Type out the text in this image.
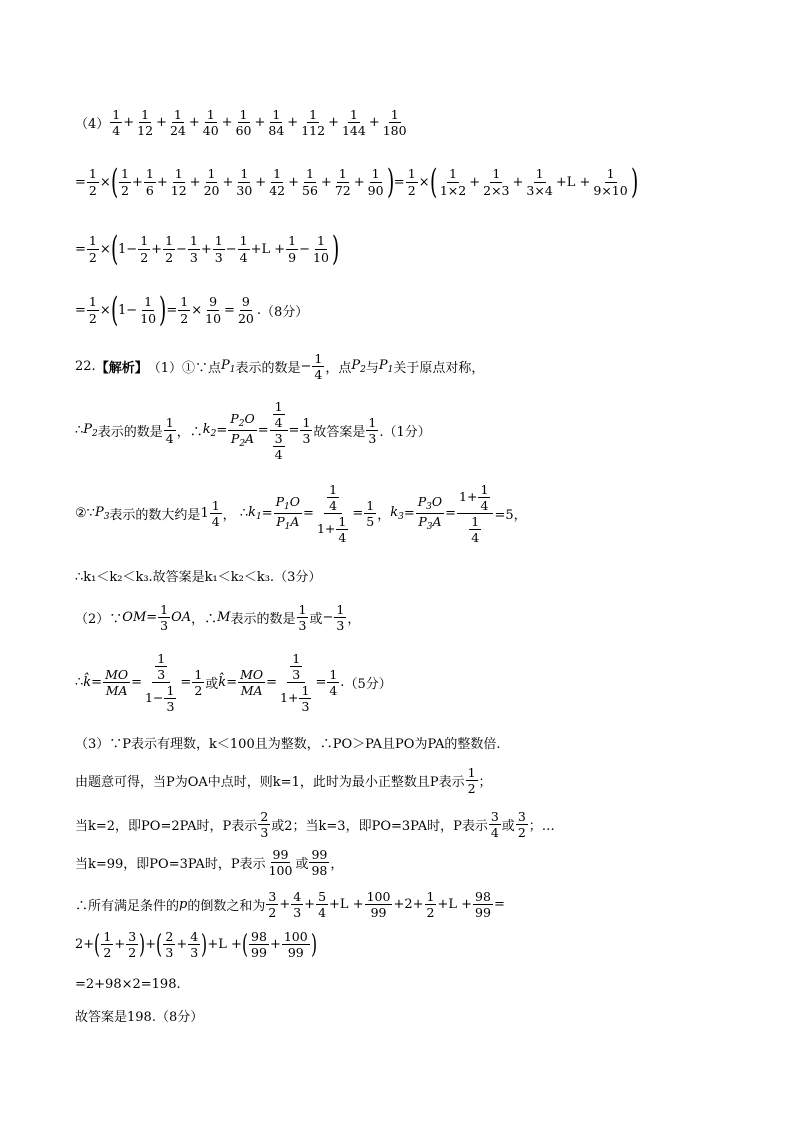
（4）
1
4
+
1
12
+
1
24
+
1
40
+
1
60
+
1
84
+
1
112
+
1
144
+
1
180
=
1
2
× ( 1
2
+
1
6
+
1
12
+
1
20
+
1
30
+
1
42
+
1
56
+
1
72
+
1
90 ) =
1
2
× ( 1
1×2
+
1
2×3
+
1
3×4
+L +
1
9×10 )
=
1
2
× ( 1−
1
2
+
1
2
−
1
3
+
1
3
−
1
4
+L +
1
9
−
1
10 )
=
1
2
× ( 1−
1
10 ) =
1
2
×
9
10
=
9
20
. （8分）
22. 【解析】 （1）①∵点 $P_1$ 表示的数是 −
1
4 ，点 $P_2$ 与 $P_1$ 关于原点对称，
∴ $P_2$ 表示的数是
1
4 ，∴ $k_2$ =
$P_2O$
$P_2A$
=
$\frac{1}{4}$
$\frac{3}{4}$
=
1
3 故答案是
1
3 .（1分）
②∵ $P_3$ 表示的数大约是 1
1
4 ， ∴ $k_1$ =
$P_1O$
$P_1A$
=
$\frac{1}{4}$
$1+ \frac{1}{4}$
=
1
5 ， $k_3$ =
$P_3O$
$P_3A$
=
$1+ \frac{1}{4}$
$\frac{1}{4} =5$，
∴k₁＜k₂＜k₃.故答案是k₁＜k₂＜k₃.（3分）
（2）∵ OM =
1
3
OA ，∴ M 表示的数是
1
3 或 −
1
3 ，
∴ k̂ =
MO
MA
=
$\frac{1}{3}$
$1- \frac{1}{3}$
=
1
2 或 k̂ =
MO
MA
=
$\frac{1}{3}$
$1+ \frac{1}{3}$
=
1
4
. （5分）
（3）∵P表示有理数，k＜100且为整数，∴PO＞PA且PO为PA的整数倍.
由题意可得，当P为OA中点时，则k=1，此时为最小正整数且P表示
1
2 ；
当k=2，即PO=2PA时，P表示
2
3 或2；当k=3，即PO=3PA时，P表示
3
4 或
3
2 ；…
当k=99，即PO=3PA时，P表示
99
100 或
99
98 ，
∴所有满足条件的 p 的倒数之和为
3
2
+
4
3
+
5
4
+L +
100
99
+2+
1
2
+L +
98
99
=
2+ ( 1
2
+
3
2 ) + ( 2
3
+
4
3 ) +L + ( 98
99
+
100
99 )
=2+98×2=198.
故答案是198.（8分）
